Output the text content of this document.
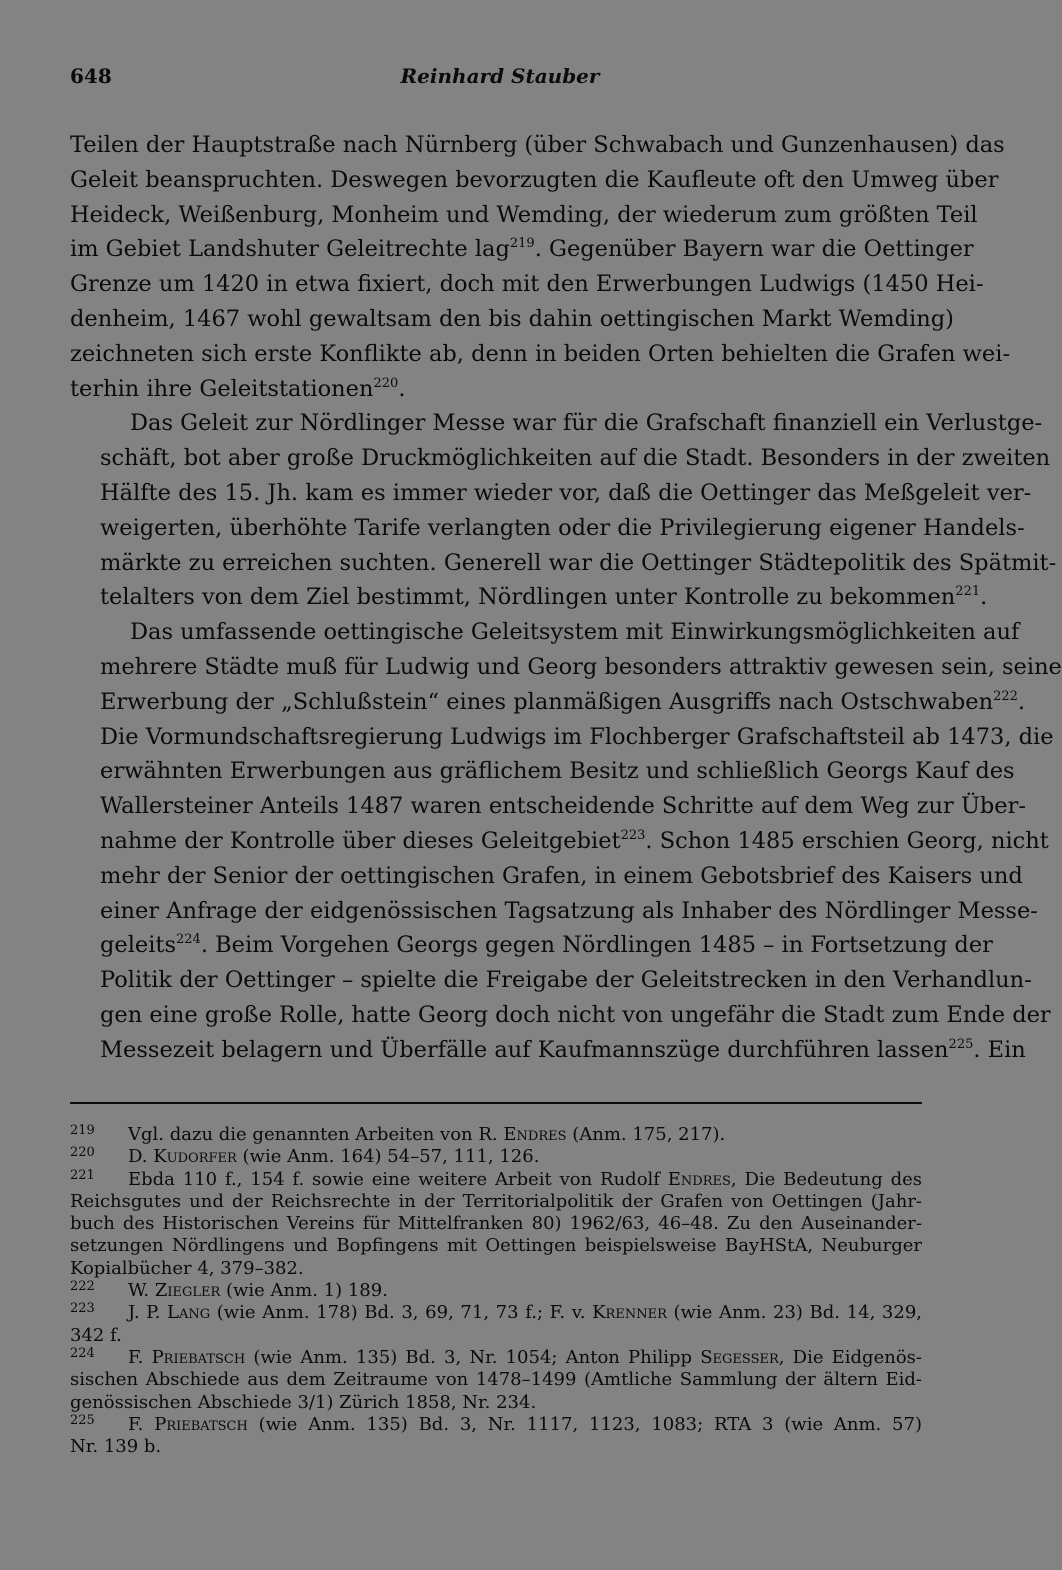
648	Reinhard Stauber
Teilen der Hauptstraße nach Nürnberg (über Schwabach und Gunzenhausen) das
Geleit beanspruchten. Deswegen bevorzugten die Kaufleute oft den Umweg über
Heideck, Weißenburg, Monheim und Wemding, der wiederum zum größten Teil
im Gebiet Landshuter Geleitrechte lag$^{219}$. Gegenüber Bayern war die Oettinger
Grenze um 1420 in etwa fixiert, doch mit den Erwerbungen Ludwigs (1450 Hei-
denheim, 1467 wohl gewaltsam den bis dahin oettingischen Markt Wemding)
zeichneten sich erste Konflikte ab, denn in beiden Orten behielten die Grafen wei-
terhin ihre Geleitstationen$^{220}$.
Das Geleit zur Nördlinger Messe war für die Grafschaft finanziell ein Verlustge-
schäft, bot aber große Druckmöglichkeiten auf die Stadt. Besonders in der zweiten
Hälfte des 15. Jh. kam es immer wieder vor, daß die Oettinger das Meßgeleit ver-
weigerten, überhöhte Tarife verlangten oder die Privilegierung eigener Handels-
märkte zu erreichen suchten. Generell war die Oettinger Städtepolitik des Spätmit-
telalters von dem Ziel bestimmt, Nördlingen unter Kontrolle zu bekommen$^{221}$.
Das umfassende oettingische Geleitsystem mit Einwirkungsmöglichkeiten auf
mehrere Städte muß für Ludwig und Georg besonders attraktiv gewesen sein, seine
Erwerbung der „Schlußstein“ eines planmäßigen Ausgriffs nach Ostschwaben$^{222}$.
Die Vormundschaftsregierung Ludwigs im Flochberger Grafschaftsteil ab 1473, die
erwähnten Erwerbungen aus gräflichem Besitz und schließlich Georgs Kauf des
Wallersteiner Anteils 1487 waren entscheidende Schritte auf dem Weg zur Über-
nahme der Kontrolle über dieses Geleitgebiet$^{223}$. Schon 1485 erschien Georg, nicht
mehr der Senior der oettingischen Grafen, in einem Gebotsbrief des Kaisers und
einer Anfrage der eidgenössischen Tagsatzung als Inhaber des Nördlinger Messe-
geleits$^{224}$. Beim Vorgehen Georgs gegen Nördlingen 1485 – in Fortsetzung der
Politik der Oettinger – spielte die Freigabe der Geleitstrecken in den Verhandlun-
gen eine große Rolle, hatte Georg doch nicht von ungefähr die Stadt zum Ende der
Messezeit belagern und Überfälle auf Kaufmannszüge durchführen lassen$^{225}$. Ein
219 Vgl. dazu die genannten Arbeiten von R. Endres (Anm. 175, 217).
220 D. Kudorfer (wie Anm. 164) 54–57, 111, 126.
221 Ebda 110 f., 154 f. sowie eine weitere Arbeit von Rudolf Endres, Die Bedeutung des
Reichsgutes und der Reichsrechte in der Territorialpolitik der Grafen von Oettingen (Jahr-
buch des Historischen Vereins für Mittelfranken 80) 1962/63, 46–48. Zu den Auseinander-
setzungen Nördlingens und Bopfingens mit Oettingen beispielsweise BayHStA, Neuburger
Kopialbücher 4, 379–382.
222 W. Ziegler (wie Anm. 1) 189.
223 J. P. Lang (wie Anm. 178) Bd. 3, 69, 71, 73 f.; F. v. Krenner (wie Anm. 23) Bd. 14, 329,
342 f.
224 F. Priebatsch (wie Anm. 135) Bd. 3, Nr. 1054; Anton Philipp Segesser, Die Eidgenös-
sischen Abschiede aus dem Zeitraume von 1478–1499 (Amtliche Sammlung der ältern Eid-
genössischen Abschiede 3/1) Zürich 1858, Nr. 234.
225 F. Priebatsch (wie Anm. 135) Bd. 3, Nr. 1117, 1123, 1083; RTA 3 (wie Anm. 57)
Nr. 139 b.
